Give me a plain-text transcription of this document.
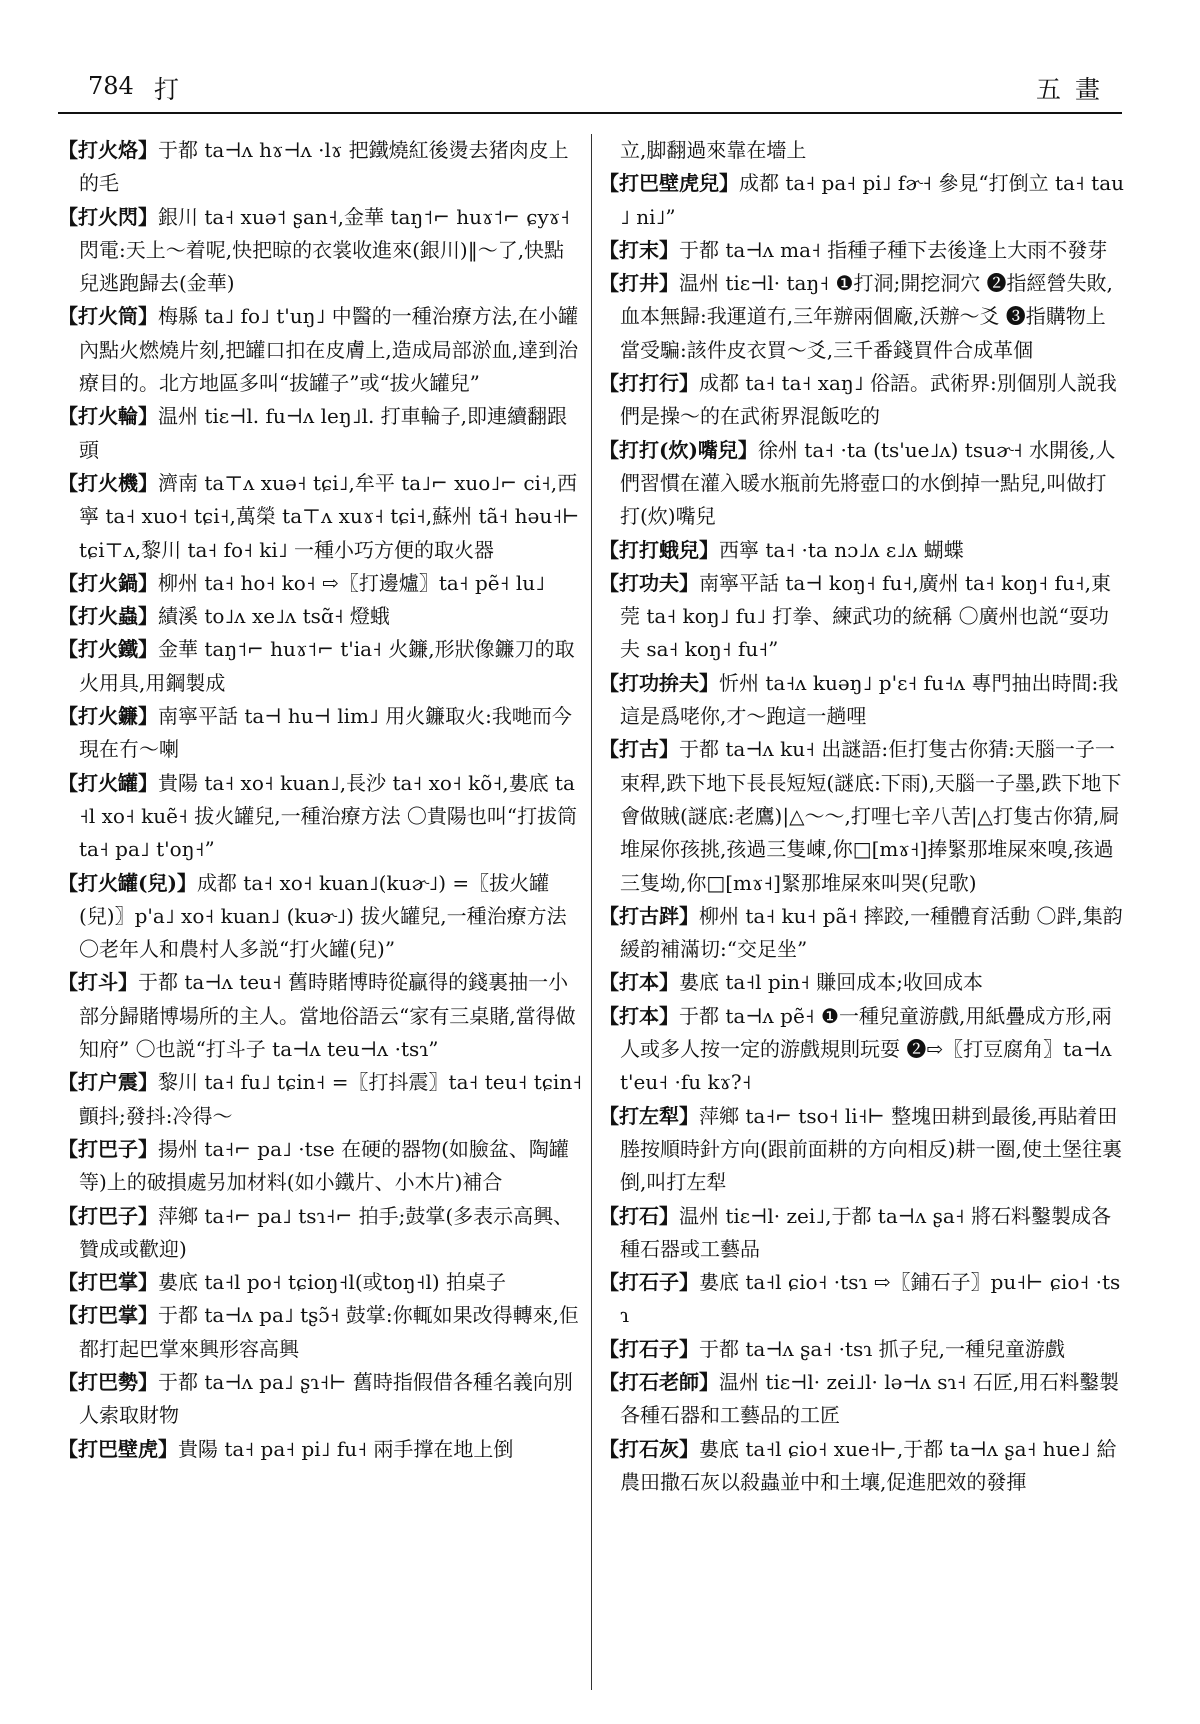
784 打	五畫
【打火烙】于都 ta⊣ʌ hɤ⊣ʌ ·lɤ 把鐵燒紅後燙去猪肉皮上的毛
【打火閃】銀川 ta˧ xuə˦ ʂan˧,金華 taŋ˦⌐ huɤ˦⌐ ɕyɤ˧ 閃電:天上～着呢,快把晾的衣裳收進來(銀川)‖～了,快點兒逃跑歸去(金華)
【打火筒】梅縣 ta˩ fo˩ t'uŋ˩ 中醫的一種治療方法,在小罐內點火燃燒片刻,把罐口扣在皮膚上,造成局部淤血,達到治療目的。北方地區多叫“拔罐子”或“拔火罐兒”
【打火輪】温州 tiɛ⊣l. fu⊣ʌ leŋ˩l. 打車輪子,即連續翻跟頭
【打火機】濟南 ta⊤ʌ xuə˧ tɕi˩,牟平 ta˩⌐ xuo˩⌐ ci˧,西寧 ta˧ xuo˧ tɕi˧,萬榮 ta⊤ʌ xuɤ˧ tɕi˧,蘇州 tã˧ həu˧⊢ tɕi⊤ʌ,黎川 ta˧ fo˧ ki˩ 一種小巧方便的取火器
【打火鍋】柳州 ta˧ ho˧ ko˧ ⇨〖打邊爐〗ta˧ pẽ˧ lu˩
【打火蟲】績溪 to˩ʌ xe˩ʌ tsɑ̃˧ 燈蛾
【打火鐵】金華 taŋ˦⌐ huɤ˦⌐ t'ia˧ 火鐮,形狀像鐮刀的取火用具,用鋼製成
【打火鐮】南寧平話 ta⊣ hu⊣ lim˩ 用火鐮取火:我哋而今現在冇～喇
【打火罐】貴陽 ta˧ xo˧ kuan˩,長沙 ta˧ xo˧ kõ˧,婁底 ta˧l xo˧ kuẽ˧ 拔火罐兒,一種治療方法 〇貴陽也叫“打拔筒 ta˧ pa˩ t'oŋ˧”
【打火罐(兒)】成都 ta˧ xo˧ kuan˩(kuɚ˩) =〖拔火罐(兒)〗p'a˩ xo˧ kuan˩ (kuɚ˩) 拔火罐兒,一種治療方法 〇老年人和農村人多説“打火罐(兒)”
【打斗】于都 ta⊣ʌ teu˧ 舊時賭博時從贏得的錢裏抽一小部分歸賭博場所的主人。當地俗語云“家有三桌賭,當得做知府” 〇也説“打斗子 ta⊣ʌ teu⊣ʌ ·tsɿ”
【打户震】黎川 ta˧ fu˩ tɕin˧ =〖打抖震〗ta˧ teu˧ tɕin˧ 顫抖;發抖:冷得～
【打巴子】揚州 ta˧⌐ pa˩ ·tse 在硬的器物(如臉盆、陶罐等)上的破損處另加材料(如小鐵片、小木片)補合
【打巴子】萍鄉 ta˧⌐ pa˩ tsɿ˧⌐ 拍手;鼓掌(多表示高興、贊成或歡迎)
【打巴掌】婁底 ta˧l po˧ tɕioŋ˧l(或toŋ˧l) 拍桌子
【打巴掌】于都 ta⊣ʌ pa˩ tʂɔ̃˧ 鼓掌:你輒如果改得轉來,佢都打起巴掌來興形容高興
【打巴勢】于都 ta⊣ʌ pa˩ ʂɿ˧⊢ 舊時指假借各種名義向別人索取財物
【打巴壁虎】貴陽 ta˧ pa˧ pi˩ fu˧ 兩手撑在地上倒
立,脚翻過來靠在墻上
【打巴壁虎兒】成都 ta˧ pa˧ pi˩ fɚ˧ 參見“打倒立 ta˧ tau˩ ni˩”
【打末】于都 ta⊣ʌ ma˧ 指種子種下去後逢上大雨不發芽
【打井】温州 tiɛ⊣l· taŋ˧ ❶打洞;開挖洞穴 ❷指經營失敗,血本無歸:我運道冇,三年辦兩個廠,沃辦～爻 ❸指購物上當受騙:該件皮衣買～爻,三千番錢買件合成革個
【打打行】成都 ta˧ ta˧ xaŋ˩ 俗語。武術界:別個別人説我們是操～的在武術界混飯吃的
【打打(炊)嘴兒】徐州 ta˧ ·ta (ts'ue˩ʌ) tsuɚ˧ 水開後,人們習慣在灌入暖水瓶前先將壺口的水倒掉一點兒,叫做打打(炊)嘴兒
【打打蛾兒】西寧 ta˧ ·ta nɔ˩ʌ ɛ˩ʌ 蝴蝶
【打功夫】南寧平話 ta⊣ koŋ˧ fu˧,廣州 ta˧ koŋ˧ fu˧,東莞 ta˧ koŋ˩ fu˩ 打拳、練武功的統稱 〇廣州也説“耍功夫 sa˧ koŋ˧ fu˧”
【打功拚夫】忻州 ta˧ʌ kuəŋ˩ p'ɛ˧ fu˧ʌ 專門抽出時間:我這是爲咾你,才～跑這一趟哩
【打古】于都 ta⊣ʌ ku˧ 出謎語:佢打隻古你猜:天腦一子一束稈,跌下地下長長短短(謎底:下雨),天腦一子墨,跌下地下會做賊(謎底:老鷹)|△～～,打哩七辛八苦|△打隻古你猜,屙堆屎你孩挑,孩過三隻崠,你□[mɤ˧]捧緊那堆屎來嗅,孩過三隻坳,你□[mɤ˧]緊那堆屎來叫哭(兒歌)
【打古跘】柳州 ta˧ ku˧ pã˧ 摔跤,一種體育活動 〇跘,集韵緩韵補滿切:“交足坐”
【打本】婁底 ta˧l pin˧ 賺回成本;收回成本
【打本】于都 ta⊣ʌ pẽ˧ ❶一種兒童游戲,用紙疊成方形,兩人或多人按一定的游戲規則玩耍 ❷⇨〖打豆腐角〗ta⊣ʌ t'eu˧ ·fu kɤ?˧
【打左犁】萍鄉 ta˧⌐ tso˧ li˧⊢ 整塊田耕到最後,再貼着田塍按順時針方向(跟前面耕的方向相反)耕一圈,使土堡往裏倒,叫打左犁
【打石】温州 tiɛ⊣l· zei˩,于都 ta⊣ʌ ʂa˧ 將石料鑿製成各種石器或工藝品
【打石子】婁底 ta˧l ɕio˧ ·tsɿ ⇨〖鋪石子〗pu˧⊢ ɕio˧ ·tsɿ
【打石子】于都 ta⊣ʌ ʂa˧ ·tsɿ 抓子兒,一種兒童游戲
【打石老師】温州 tiɛ⊣l· zei˩l· lə⊣ʌ sɿ˧ 石匠,用石料鑿製各種石器和工藝品的工匠
【打石灰】婁底 ta˧l ɕio˧ xue˧⊢,于都 ta⊣ʌ ʂa˧ hue˩ 給農田撒石灰以殺蟲並中和土壤,促進肥效的發揮
